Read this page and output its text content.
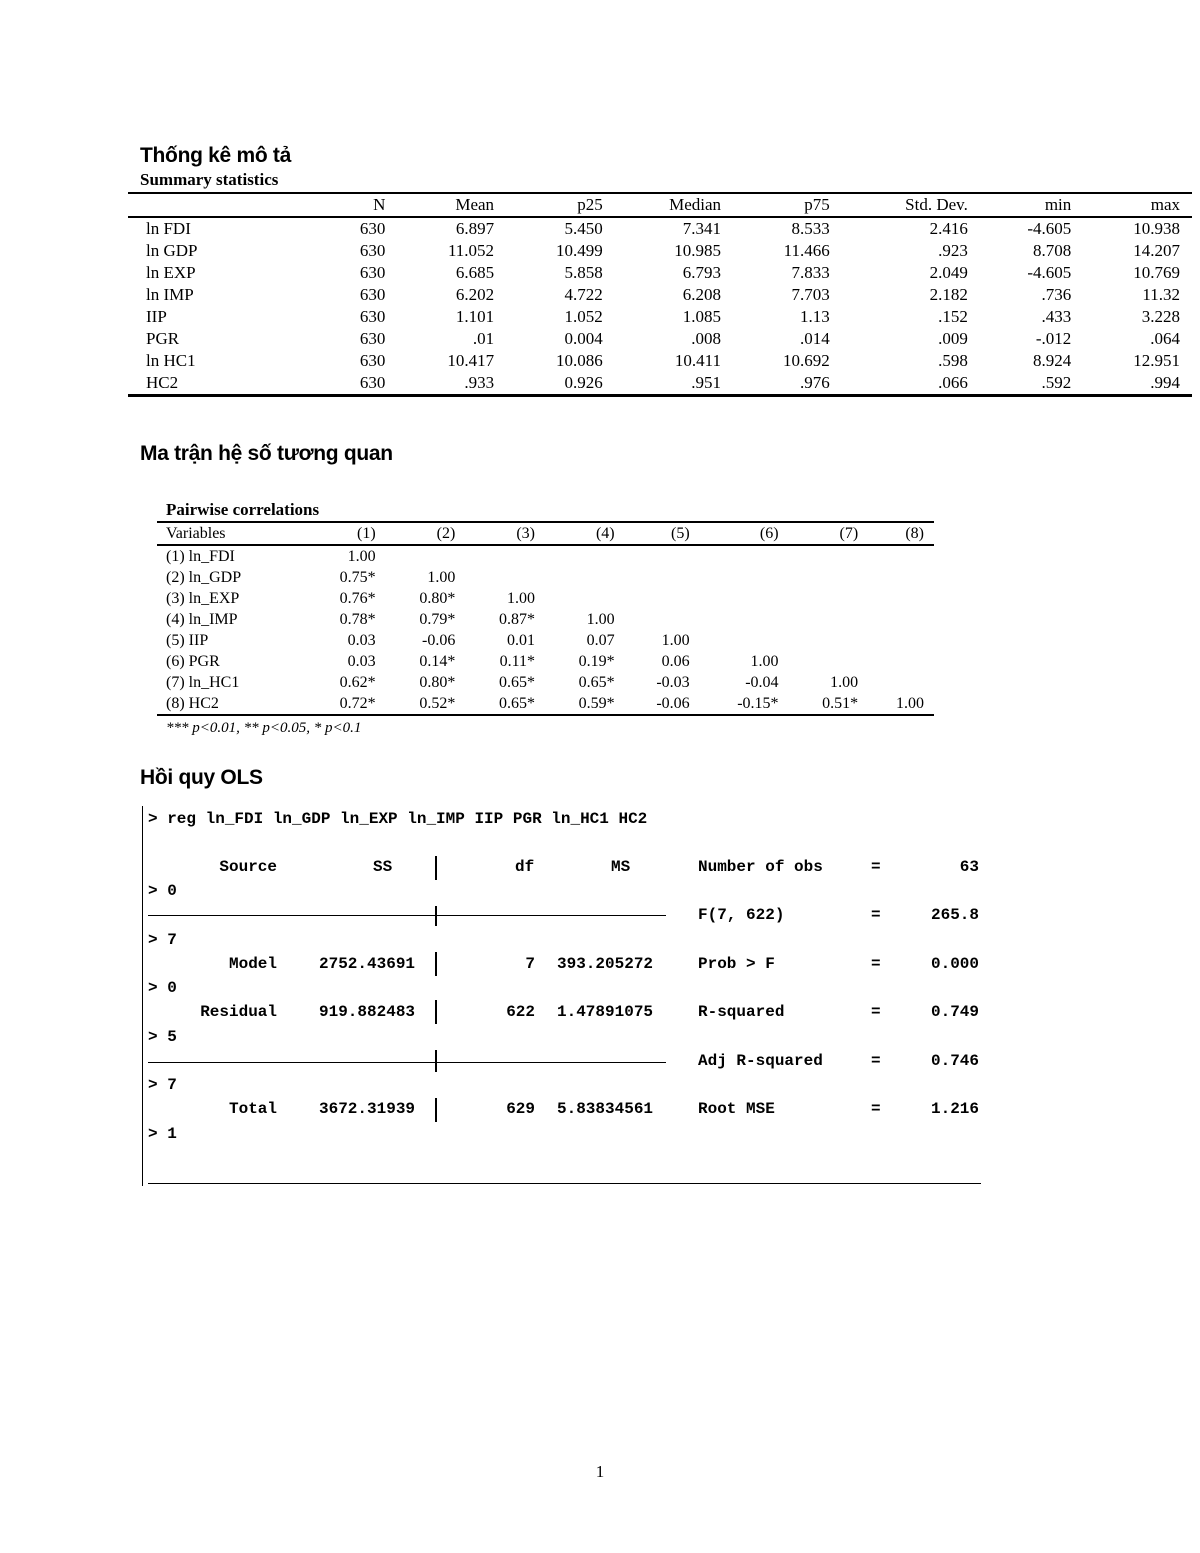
Thống kê mô tả
Ma trận hệ số tương quan
Hồi quy OLS
Summary statistics
	N	Mean	p25	Median	p75	Std. Dev.	min	max
ln FDI	630	6.897	5.450	7.341	8.533	2.416	-4.605	10.938
ln GDP	630	11.052	10.499	10.985	11.466	.923	8.708	14.207
ln EXP	630	6.685	5.858	6.793	7.833	2.049	-4.605	10.769
ln IMP	630	6.202	4.722	6.208	7.703	2.182	.736	11.32
IIP	630	1.101	1.052	1.085	1.13	.152	.433	3.228
PGR	630	.01	0.004	.008	.014	.009	-.012	.064
ln HC1	630	10.417	10.086	10.411	10.692	.598	8.924	12.951
HC2	630	.933	0.926	.951	.976	.066	.592	.994
Pairwise correlations
Variables	(1)	(2)	(3)	(4)	(5)	(6)	(7)	(8)
(1) ln_FDI	1.00							
(2) ln_GDP	0.75*	1.00						
(3) ln_EXP	0.76*	0.80*	1.00					
(4) ln_IMP	0.78*	0.79*	0.87*	1.00				
(5) IIP	0.03	-0.06	0.01	0.07	1.00			
(6) PGR	0.03	0.14*	0.11*	0.19*	0.06	1.00		
(7) ln_HC1	0.62*	0.80*	0.65*	0.65*	-0.03	-0.04	1.00	
(8) HC2	0.72*	0.52*	0.65*	0.59*	-0.06	-0.15*	0.51*	1.00
*** p<0.01, ** p<0.05, * p<0.1
> reg ln_FDI ln_GDP ln_EXP ln_IMP IIP PGR ln_HC1 HC2
Source	SS	df	MS
> 0
> 7
> 0
> 5
> 7
> 1
Model	2752.43691	7 393.205272
Residual	919.882483	622 1.47891075
Total	3672.31939	629 5.83834561
Number of obs	=	63
F(7, 622)	=	265.8
Prob > F	=	0.000
R-squared	=	0.749
Adj R-squared	=	0.746
Root MSE	=	1.216
1
